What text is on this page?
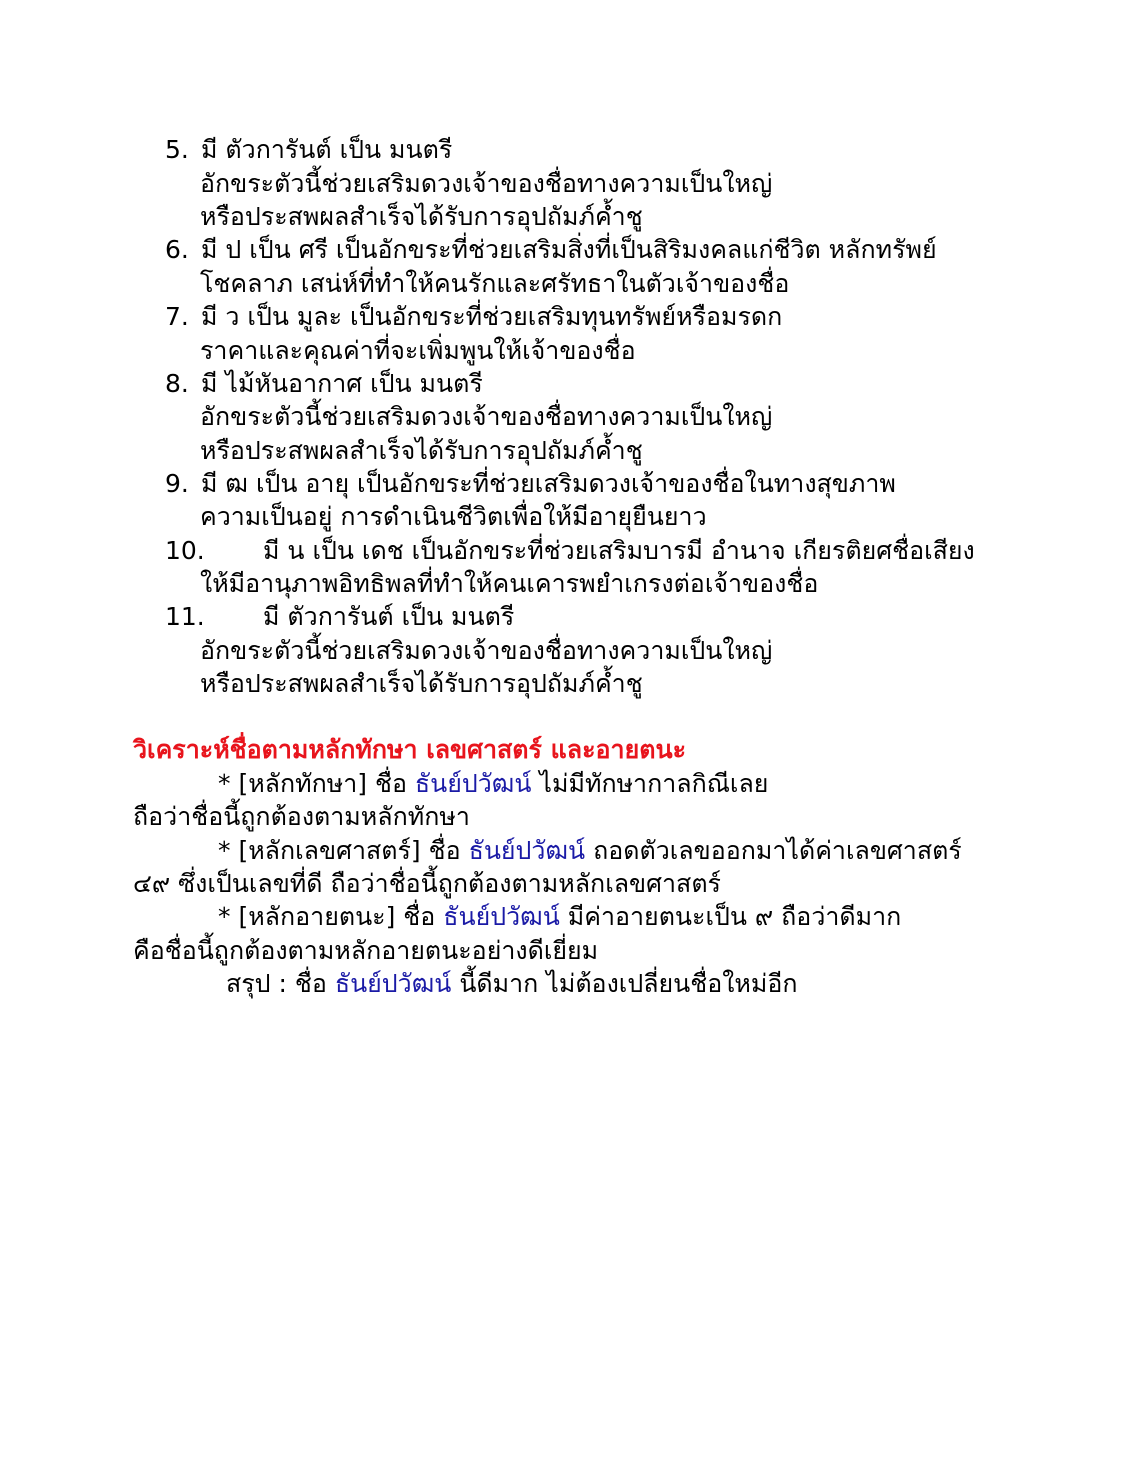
5. มี ตัวการันต์ เป็น มนตรี
อักขระตัวนี้ช่วยเสริมดวงเจ้าของชื่อทางความเป็นใหญ่
หรือประสพผลสำเร็จได้รับการอุปถัมภ์ค้ำชู
6. มี ป เป็น ศรี เป็นอักขระที่ช่วยเสริมสิ่งที่เป็นสิริมงคลแก่ชีวิต หลักทรัพย์
โชคลาภ เสน่ห์ที่ทำให้คนรักและศรัทธาในตัวเจ้าของชื่อ
7. มี ว เป็น มูละ เป็นอักขระที่ช่วยเสริมทุนทรัพย์หรือมรดก
ราคาและคุณค่าที่จะเพิ่มพูนให้เจ้าของชื่อ
8. มี ไม้หันอากาศ เป็น มนตรี
อักขระตัวนี้ช่วยเสริมดวงเจ้าของชื่อทางความเป็นใหญ่
หรือประสพผลสำเร็จได้รับการอุปถัมภ์ค้ำชู
9. มี ฒ เป็น อายุ เป็นอักขระที่ช่วยเสริมดวงเจ้าของชื่อในทางสุขภาพ
ความเป็นอยู่ การดำเนินชีวิตเพื่อให้มีอายุยืนยาว
10. มี น เป็น เดช เป็นอักขระที่ช่วยเสริมบารมี อำนาจ เกียรติยศชื่อเสียง
ให้มีอานุภาพอิทธิพลที่ทำให้คนเคารพยำเกรงต่อเจ้าของชื่อ
11. มี ตัวการันต์ เป็น มนตรี
อักขระตัวนี้ช่วยเสริมดวงเจ้าของชื่อทางความเป็นใหญ่
หรือประสพผลสำเร็จได้รับการอุปถัมภ์ค้ำชู
วิเคราะห์ชื่อตามหลักทักษา เลขศาสตร์ และอายตนะ
* [หลักทักษา] ชื่อ ธันย์ปวัฒน์ ไม่มีทักษากาลกิณีเลย
ถือว่าชื่อนี้ถูกต้องตามหลักทักษา
* [หลักเลขศาสตร์] ชื่อ ธันย์ปวัฒน์ ถอดตัวเลขออกมาได้ค่าเลขศาสตร์
๔๙ ซึ่งเป็นเลขที่ดี ถือว่าชื่อนี้ถูกต้องตามหลักเลขศาสตร์
* [หลักอายตนะ] ชื่อ ธันย์ปวัฒน์ มีค่าอายตนะเป็น ๙ ถือว่าดีมาก
คือชื่อนี้ถูกต้องตามหลักอายตนะอย่างดีเยี่ยม
สรุป : ชื่อ ธันย์ปวัฒน์ นี้ดีมาก ไม่ต้องเปลี่ยนชื่อใหม่อีก
